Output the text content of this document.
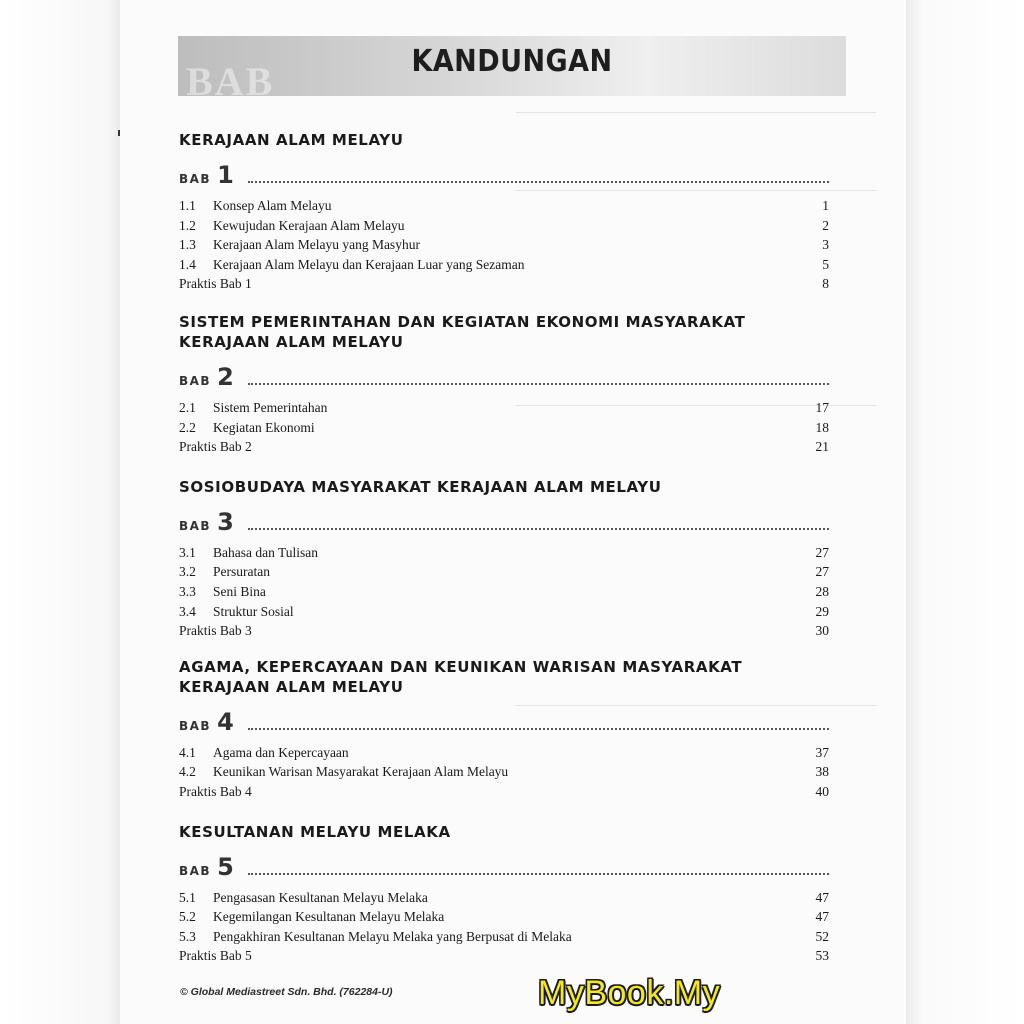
BAB	KANDUNGAN
KERAJAAN ALAM MELAYU
BAB 1
1.1	Konsep Alam Melayu	1
1.2	Kewujudan Kerajaan Alam Melayu	2
1.3	Kerajaan Alam Melayu yang Masyhur	3
1.4	Kerajaan Alam Melayu dan Kerajaan Luar yang Sezaman	5
Praktis Bab 1	8
SISTEM PEMERINTAHAN DAN KEGIATAN EKONOMI MASYARAKAT
KERAJAAN ALAM MELAYU
BAB 2
2.1	Sistem Pemerintahan	17
2.2	Kegiatan Ekonomi	18
Praktis Bab 2	21
SOSIOBUDAYA MASYARAKAT KERAJAAN ALAM MELAYU
BAB 3
3.1	Bahasa dan Tulisan	27
3.2	Persuratan	27
3.3	Seni Bina	28
3.4	Struktur Sosial	29
Praktis Bab 3	30
AGAMA, KEPERCAYAAN DAN KEUNIKAN WARISAN MASYARAKAT
KERAJAAN ALAM MELAYU
BAB 4
4.1	Agama dan Kepercayaan	37
4.2	Keunikan Warisan Masyarakat Kerajaan Alam Melayu	38
Praktis Bab 4	40
KESULTANAN MELAYU MELAKA
BAB 5
5.1	Pengasasan Kesultanan Melayu Melaka	47
5.2	Kegemilangan Kesultanan Melayu Melaka	47
5.3	Pengakhiran Kesultanan Melayu Melaka yang Berpusat di Melaka	52
Praktis Bab 5	53
© Global Mediastreet Sdn. Bhd. (762284-U)	MyBook.My
